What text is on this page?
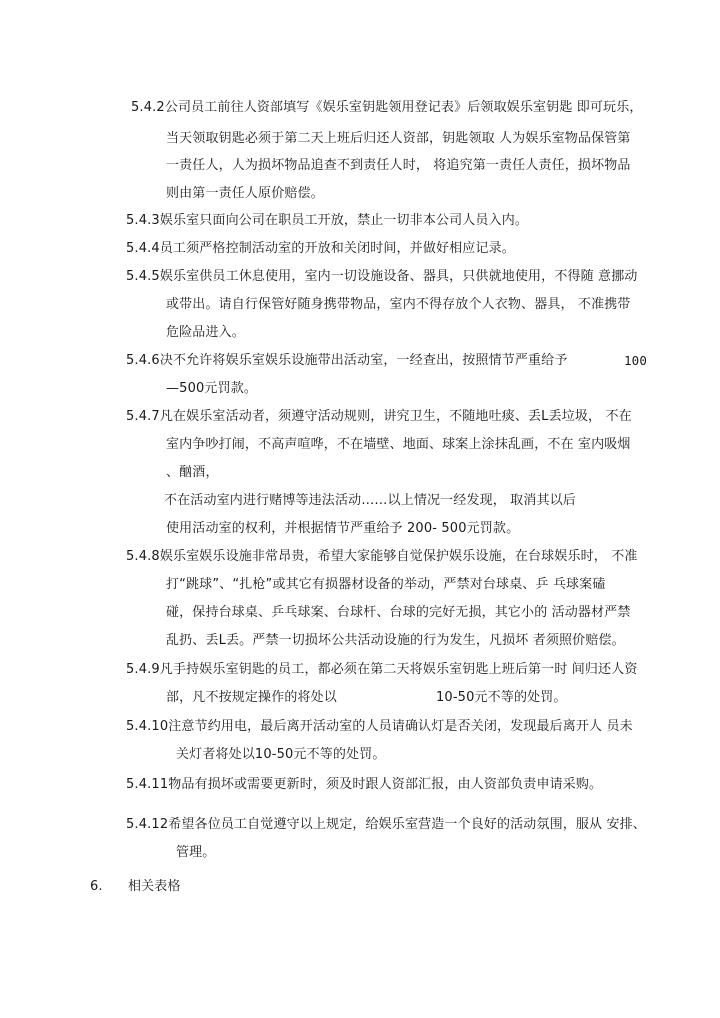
5.4.2公司员工前往人资部填写《娱乐室钥匙领用登记表》后领取娱乐室钥匙 即可玩乐，
当天领取钥匙必须于第二天上班后归还人资部，钥匙领取 人为娱乐室物品保管第
一责任人，人为损坏物品追查不到责任人时， 将追究第一责任人责任，损坏物品
则由第一责任人原价赔偿。
5.4.3娱乐室只面向公司在职员工开放，禁止一切非本公司人员入内。
5.4.4员工须严格控制活动室的开放和关闭时间，并做好相应记录。
5.4.5娱乐室供员工休息使用，室内一切设施设备、器具，只供就地使用，不得随 意挪动
或带出。请自行保管好随身携带物品，室内不得存放个人衣物、器具， 不准携带
危险品进入。
5.4.6决不允许将娱乐室娱乐设施带出活动室，一经查出，按照情节严重给予	100
—500元罚款。
5.4.7凡在娱乐室活动者，须遵守活动规则，讲究卫生，不随地吐痰、丢L丢垃圾， 不在
室内争吵打闹，不高声喧哗，不在墙壁、地面、球案上涂抹乱画，不在 室内吸烟
、酗酒，
不在活动室内进行赌博等违法活动……以上情况一经发现， 取消其以后
使用活动室的权利，并根据情节严重给予 200- 500元罚款。
5.4.8娱乐室娱乐设施非常昂贵，希望大家能够自觉保护娱乐设施，在台球娱乐时， 不准
打“跳球”、“扎枪”或其它有损器材设备的举动，严禁对台球桌、乒 乓球案磕
碰，保持台球桌、乒乓球案、台球杆、台球的完好无损，其它小的 活动器材严禁
乱扔、丢L丢。严禁一切损坏公共活动设施的行为发生，凡损坏 者须照价赔偿。
5.4.9凡手持娱乐室钥匙的员工，都必须在第二天将娱乐室钥匙上班后第一时 间归还人资
部，凡不按规定操作的将处以	10-50元不等的处罚。
5.4.10注意节约用电，最后离开活动室的人员请确认灯是否关闭，发现最后离开人 员未
关灯者将处以10-50元不等的处罚。
5.4.11物品有损坏或需要更新时，须及时跟人资部汇报，由人资部负责申请采购。
5.4.12希望各位员工自觉遵守以上规定，给娱乐室营造一个良好的活动氛围，服从 安排、
管理。
6. 相关表格
